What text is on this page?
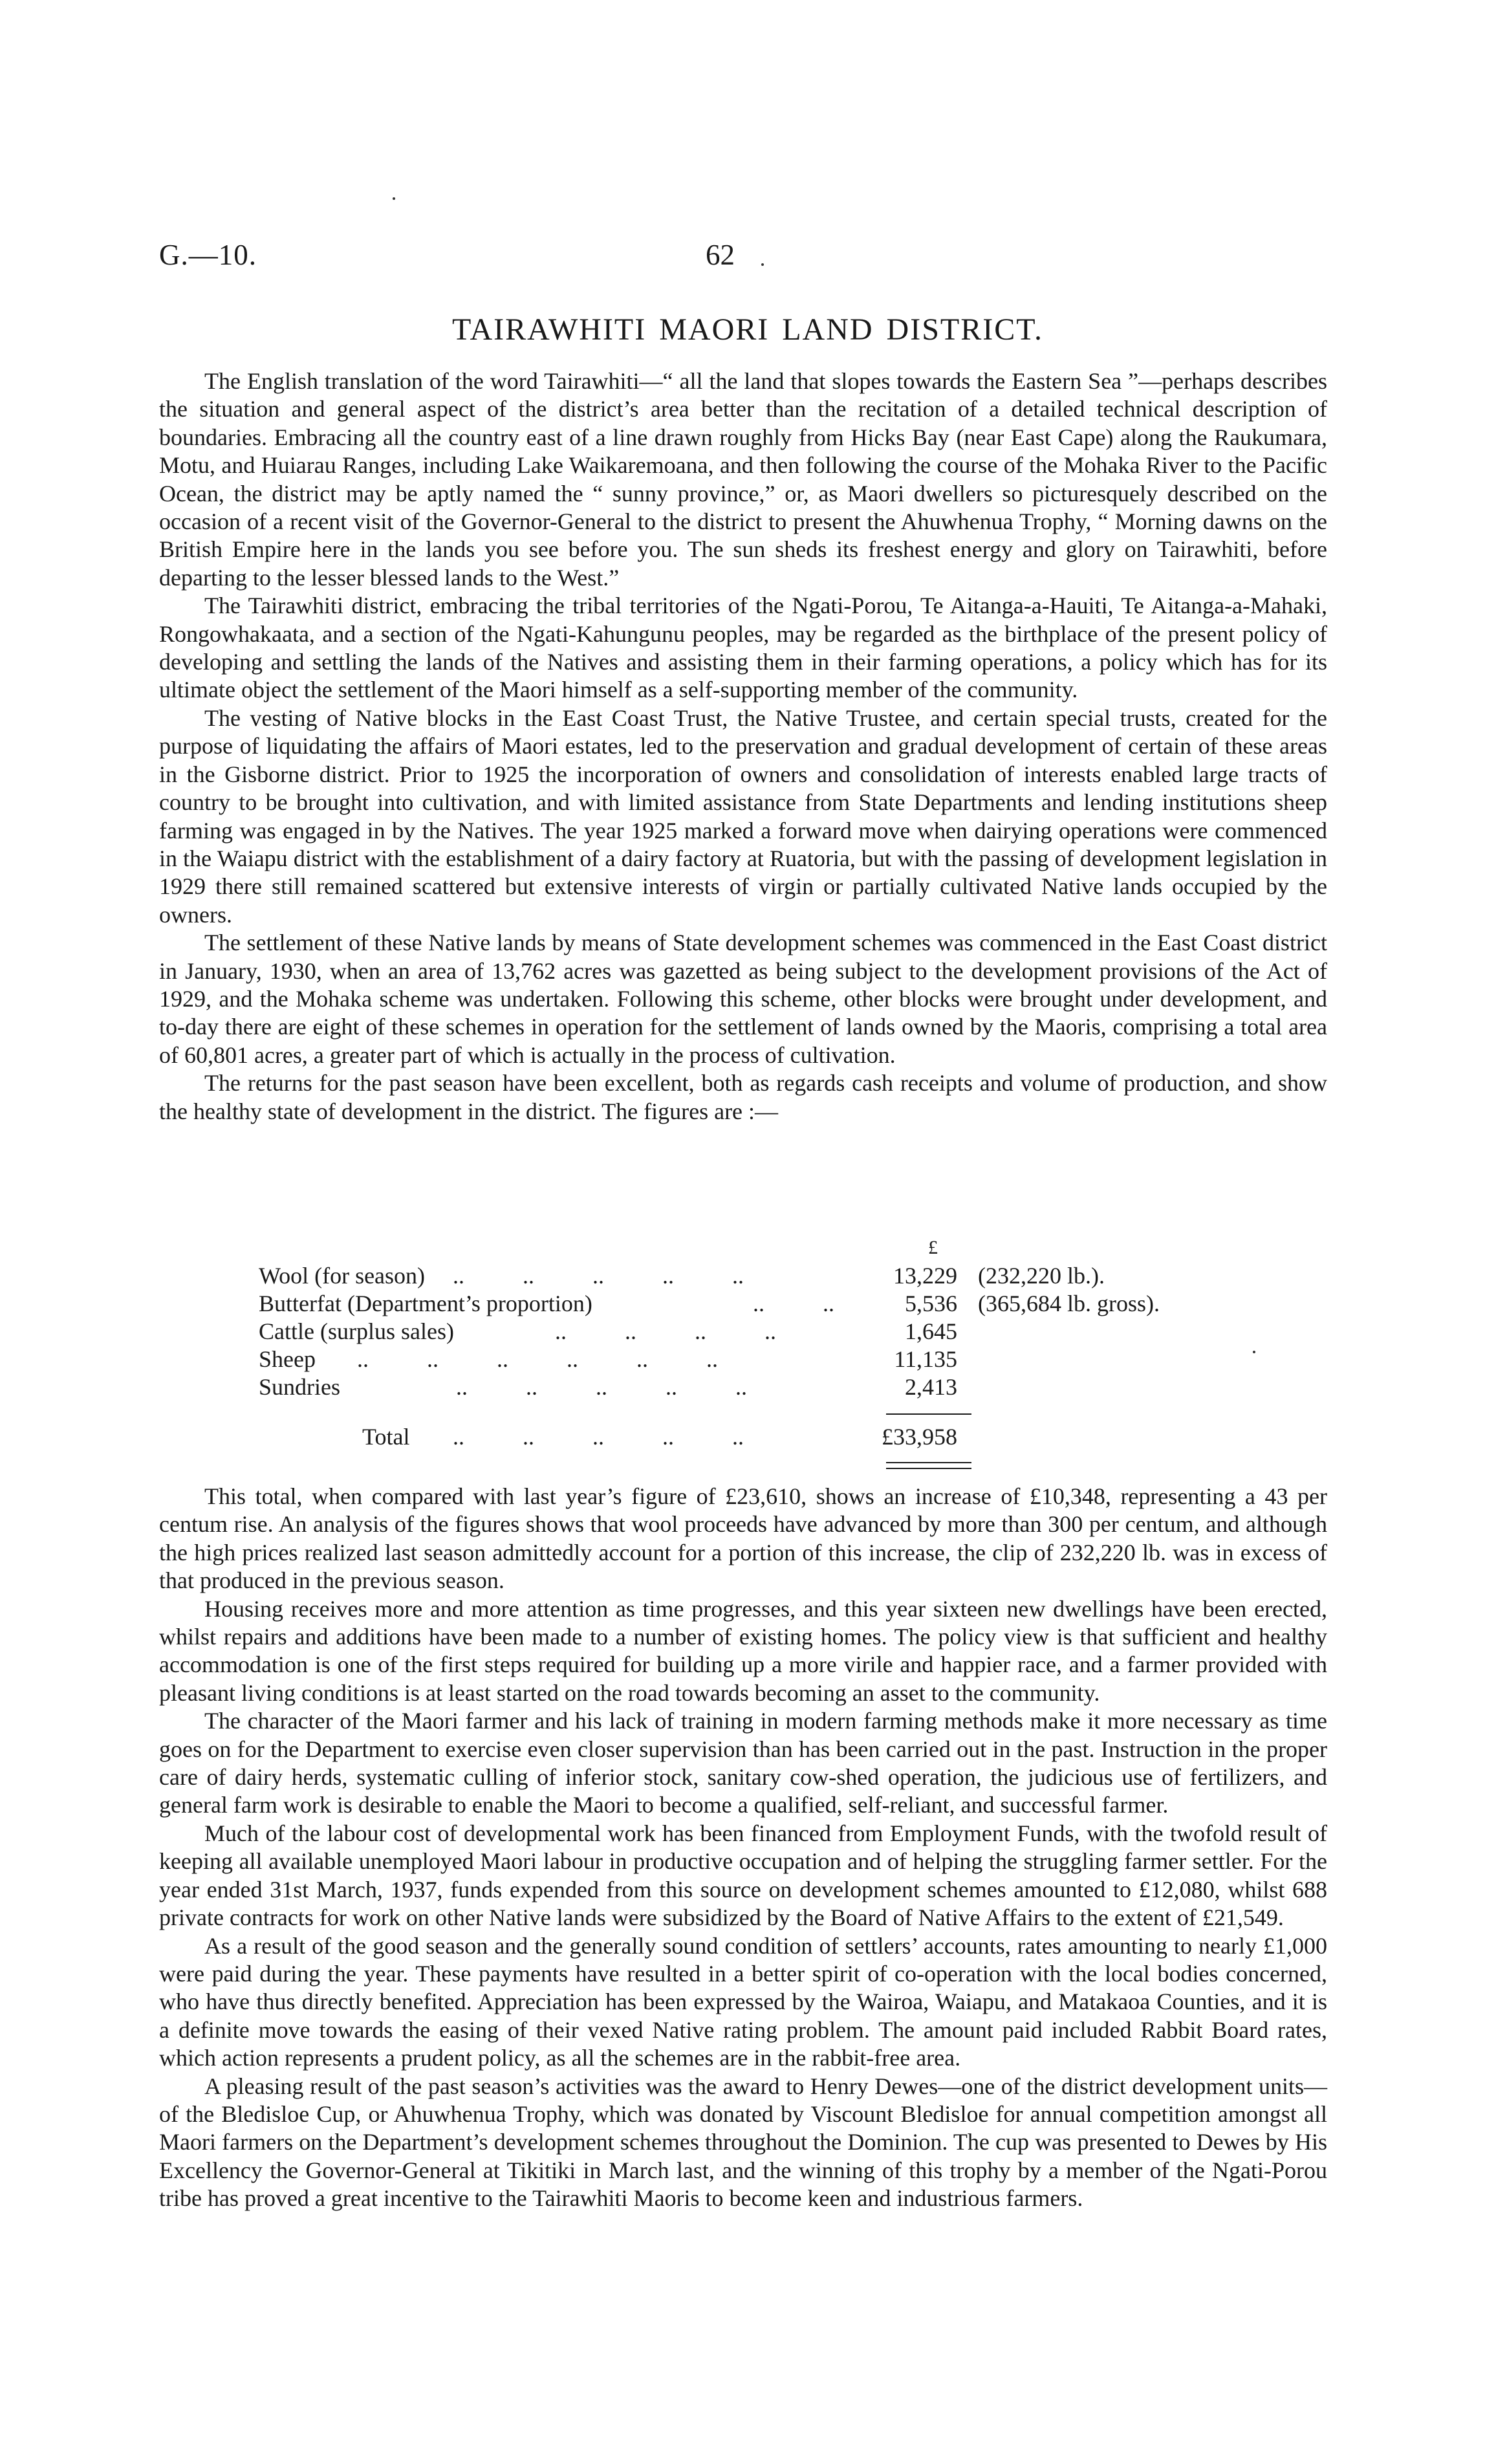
G.—10.	62
TAIRAWHITI MAORI LAND DISTRICT.

The English translation of the word Tairawhiti—“ all the land that slopes towards the Eastern Sea ”—perhaps describes the situation and general aspect of the district’s area better than the recitation of a detailed technical description of boundaries. Embracing all the country east of a line drawn roughly from Hicks Bay (near East Cape) along the Raukumara, Motu, and Huiarau Ranges, including Lake Waikaremoana, and then following the course of the Mohaka River to the Pacific Ocean, the district may be aptly named the “ sunny province,” or, as Maori dwellers so picturesquely described on the occasion of a recent visit of the Governor-General to the district to present the Ahuwhenua Trophy, “ Morning dawns on the British Empire here in the lands you see before you. The sun sheds its freshest energy and glory on Tairawhiti, before departing to the lesser blessed lands to the West.”

The Tairawhiti district, embracing the tribal territories of the Ngati-Porou, Te Aitanga-a-Hauiti, Te Aitanga-a-Mahaki, Rongowhakaata, and a section of the Ngati-Kahungunu peoples, may be regarded as the birthplace of the present policy of developing and settling the lands of the Natives and assisting them in their farming operations, a policy which has for its ultimate object the settlement of the Maori himself as a self-supporting member of the community.

The vesting of Native blocks in the East Coast Trust, the Native Trustee, and certain special trusts, created for the purpose of liquidating the affairs of Maori estates, led to the preservation and gradual development of certain of these areas in the Gisborne district. Prior to 1925 the incorporation of owners and consolidation of interests enabled large tracts of country to be brought into cultivation, and with limited assistance from State Departments and lending institutions sheep farming was engaged in by the Natives. The year 1925 marked a forward move when dairying operations were commenced in the Waiapu district with the establishment of a dairy factory at Ruatoria, but with the passing of development legislation in 1929 there still remained scattered but extensive interests of virgin or partially cultivated Native lands occupied by the owners.

The settlement of these Native lands by means of State development schemes was commenced in the East Coast district in January, 1930, when an area of 13,762 acres was gazetted as being subject to the development provisions of the Act of 1929, and the Mohaka scheme was undertaken. Following this scheme, other blocks were brought under development, and to-day there are eight of these schemes in operation for the settlement of lands owned by the Maoris, comprising a total area of 60,801 acres, a greater part of which is actually in the process of cultivation.

The returns for the past season have been excellent, both as regards cash receipts and volume of production, and show the healthy state of development in the district. The figures are :—

£
Wool (for season) ..          ..          ..          ..          ..	13,229 (232,220 lb.).
Butterfat (Department’s proportion)	..          ..	5,536 (365,684 lb. gross).
Cattle (surplus sales)	..          ..          ..          ..	1,645
Sheep ..          ..          ..          ..          ..          ..	11,135
Sundries	..          ..          ..          ..          ..	2,413
Total ..          ..          ..          ..          ..	£33,958

This total, when compared with last year’s figure of £23,610, shows an increase of £10,348, representing a 43 per centum rise. An analysis of the figures shows that wool proceeds have advanced by more than 300 per centum, and although the high prices realized last season admittedly account for a portion of this increase, the clip of 232,220 lb. was in excess of that produced in the previous season.

Housing receives more and more attention as time progresses, and this year sixteen new dwellings have been erected, whilst repairs and additions have been made to a number of existing homes. The policy view is that sufficient and healthy accommodation is one of the first steps required for building up a more virile and happier race, and a farmer provided with pleasant living conditions is at least started on the road towards becoming an asset to the community.

The character of the Maori farmer and his lack of training in modern farming methods make it more necessary as time goes on for the Department to exercise even closer supervision than has been carried out in the past. Instruction in the proper care of dairy herds, systematic culling of inferior stock, sanitary cow-shed operation, the judicious use of fertilizers, and general farm work is desirable to enable the Maori to become a qualified, self-reliant, and successful farmer.

Much of the labour cost of developmental work has been financed from Employment Funds, with the twofold result of keeping all available unemployed Maori labour in productive occupation and of helping the struggling farmer settler. For the year ended 31st March, 1937, funds expended from this source on development schemes amounted to £12,080, whilst 688 private contracts for work on other Native lands were subsidized by the Board of Native Affairs to the extent of £21,549.

As a result of the good season and the generally sound condition of settlers’ accounts, rates amounting to nearly £1,000 were paid during the year. These payments have resulted in a better spirit of co-operation with the local bodies concerned, who have thus directly benefited. Appreciation has been expressed by the Wairoa, Waiapu, and Matakaoa Counties, and it is a definite move towards the easing of their vexed Native rating problem. The amount paid included Rabbit Board rates, which action represents a prudent policy, as all the schemes are in the rabbit-free area.

A pleasing result of the past season’s activities was the award to Henry Dewes—one of the district development units—of the Bledisloe Cup, or Ahuwhenua Trophy, which was donated by Viscount Bledisloe for annual competition amongst all Maori farmers on the Department’s development schemes throughout the Dominion. The cup was presented to Dewes by His Excellency the Governor-General at Tikitiki in March last, and the winning of this trophy by a member of the Ngati-Porou tribe has proved a great incentive to the Tairawhiti Maoris to become keen and industrious farmers.
